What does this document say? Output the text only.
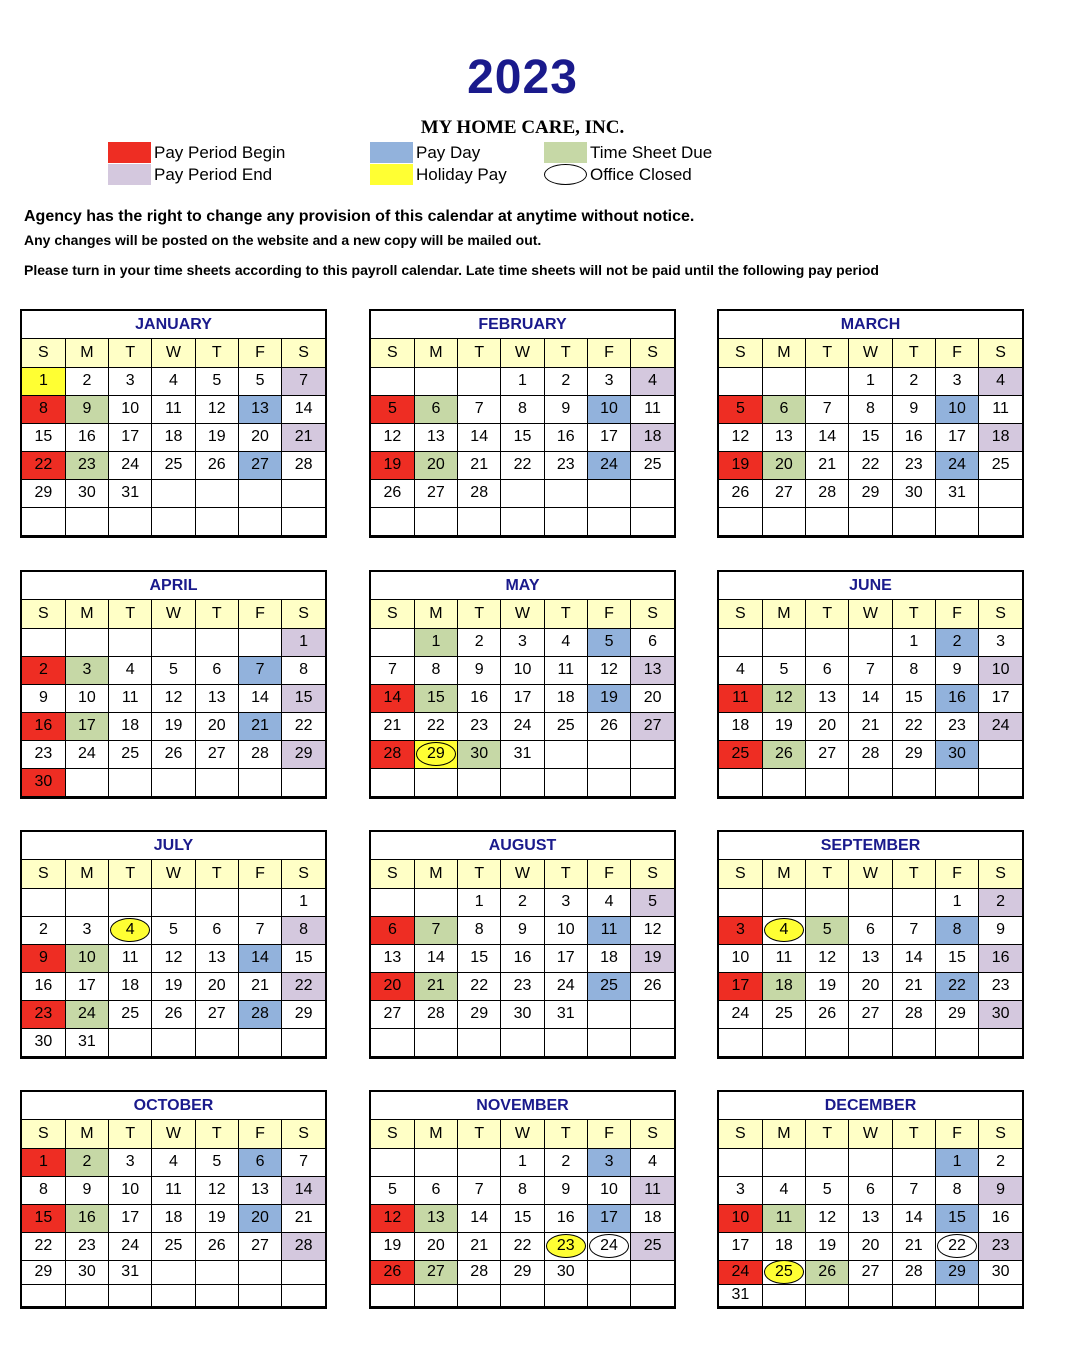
2023
MY HOME CARE, INC.
Pay Period Begin
Pay Period End
Pay Day
Holiday Pay
Time Sheet Due
Office Closed
Agency has the right to change any provision of this calendar at anytime without notice.
Any changes will be posted on the website and a new copy will be mailed out.
Please turn in your time sheets according to this payroll calendar. Late time sheets will not be paid until the following pay period
JANUARY
S	M	T	W	T	F	S
1	2	3	4	5	5	7
8	9	10	11	12	13	14
15	16	17	18	19	20	21
22	23	24	25	26	27	28
29	30	31				

FEBRUARY
S	M	T	W	T	F	S
			1	2	3	4
5	6	7	8	9	10	11
12	13	14	15	16	17	18
19	20	21	22	23	24	25
26	27	28				

MARCH
S	M	T	W	T	F	S
			1	2	3	4
5	6	7	8	9	10	11
12	13	14	15	16	17	18
19	20	21	22	23	24	25
26	27	28	29	30	31	

APRIL
S	M	T	W	T	F	S
						1
2	3	4	5	6	7	8
9	10	11	12	13	14	15
16	17	18	19	20	21	22
23	24	25	26	27	28	29
30						
MAY
S	M	T	W	T	F	S
	1	2	3	4	5	6
7	8	9	10	11	12	13
14	15	16	17	18	19	20
21	22	23	24	25	26	27
28	29	30	31			

JUNE
S	M	T	W	T	F	S
				1	2	3
4	5	6	7	8	9	10
11	12	13	14	15	16	17
18	19	20	21	22	23	24
25	26	27	28	29	30	

JULY
S	M	T	W	T	F	S
						1
2	3	4	5	6	7	8
9	10	11	12	13	14	15
16	17	18	19	20	21	22
23	24	25	26	27	28	29
30	31					
AUGUST
S	M	T	W	T	F	S
		1	2	3	4	5
6	7	8	9	10	11	12
13	14	15	16	17	18	19
20	21	22	23	24	25	26
27	28	29	30	31		

SEPTEMBER
S	M	T	W	T	F	S
					1	2
3	4	5	6	7	8	9
10	11	12	13	14	15	16
17	18	19	20	21	22	23
24	25	26	27	28	29	30

OCTOBER
S	M	T	W	T	F	S
1	2	3	4	5	6	7
8	9	10	11	12	13	14
15	16	17	18	19	20	21
22	23	24	25	26	27	28
29	30	31				

NOVEMBER
S	M	T	W	T	F	S
			1	2	3	4
5	6	7	8	9	10	11
12	13	14	15	16	17	18
19	20	21	22	23	24	25
26	27	28	29	30		

DECEMBER
S	M	T	W	T	F	S
					1	2
3	4	5	6	7	8	9
10	11	12	13	14	15	16
17	18	19	20	21	22	23
24	25	26	27	28	29	30
31						
